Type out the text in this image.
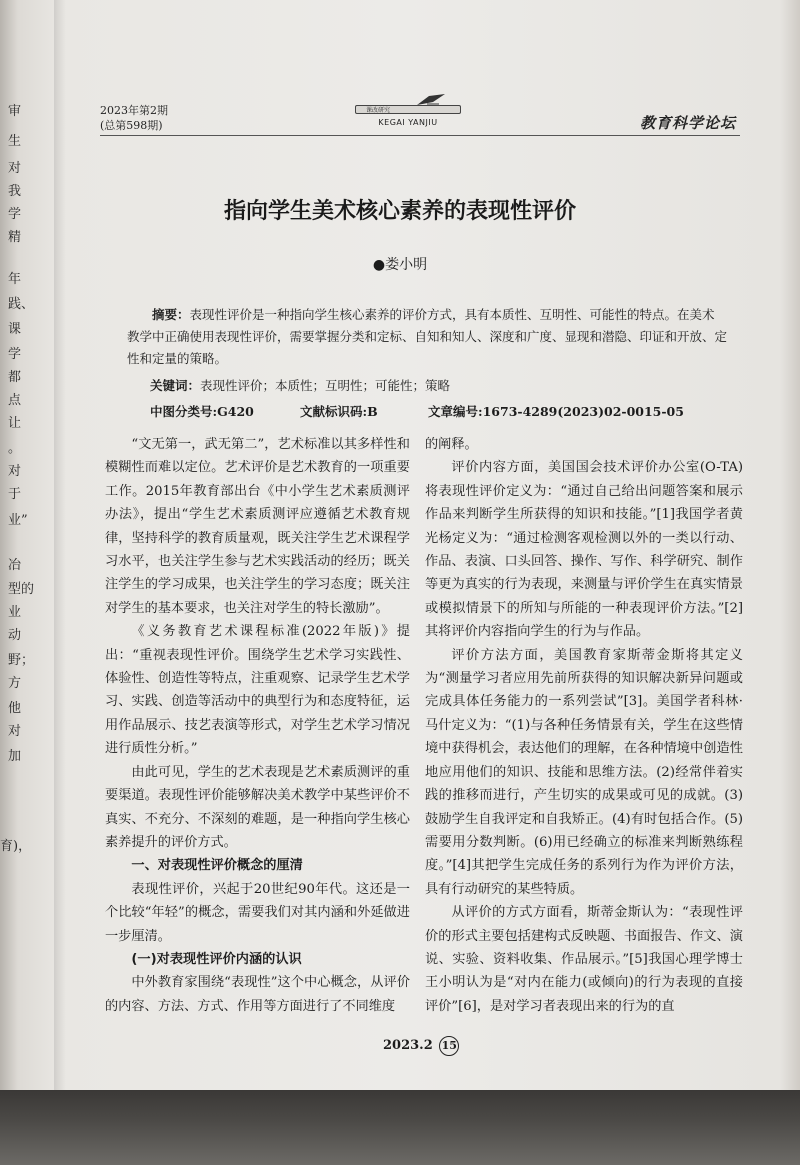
审
生
对
我
学
精
年
践、
课
学
都
点
让
。
对
于
业”
冶
型的
业
动
野；
方
他
对
加
育)，
2023年第2期
(总第598期)
课改研究
KEGAI YANJIU	教育科学论坛
指向学生美术核心素养的表现性评价
●娄小明

摘要：表现性评价是一种指向学生核心素养的评价方式，具有本质性、互明性、可能性的特点。在美术教学中正确使用表现性评价，需要掌握分类和定标、自知和知人、深度和广度、显现和潜隐、印证和开放、定性和定量的策略。

关键词：表现性评价；本质性；互明性；可能性；策略
中图分类号:G420	文献标识码:B	文章编号:1673-4289(2023)02-0015-05

“文无第一，武无第二”，艺术标准以其多样性和模糊性而难以定位。艺术评价是艺术教育的一项重要工作。2015年教育部出台《中小学生艺术素质测评办法》，提出“学生艺术素质测评应遵循艺术教育规律，坚持科学的教育质量观，既关注学生艺术课程学习水平，也关注学生参与艺术实践活动的经历；既关注学生的学习成果，也关注学生的学习态度；既关注对学生的基本要求，也关注对学生的特长激励”。

《义务教育艺术课程标准(2022年版)》提出：“重视表现性评价。围绕学生艺术学习实践性、体验性、创造性等特点，注重观察、记录学生艺术学习、实践、创造等活动中的典型行为和态度特征，运用作品展示、技艺表演等形式，对学生艺术学习情况进行质性分析。”

由此可见，学生的艺术表现是艺术素质测评的重要渠道。表现性评价能够解决美术教学中某些评价不真实、不充分、不深刻的难题，是一种指向学生核心素养提升的评价方式。

一、对表现性评价概念的厘清

表现性评价，兴起于20世纪90年代。这还是一个比较“年轻”的概念，需要我们对其内涵和外延做进一步厘清。

(一)对表现性评价内涵的认识

中外教育家围绕“表现性”这个中心概念，从评价的内容、方法、方式、作用等方面进行了不同维度

的阐释。

评价内容方面，美国国会技术评价办公室(O-TA)将表现性评价定义为：“通过自己给出问题答案和展示作品来判断学生所获得的知识和技能。”[1]我国学者黄光杨定义为：“通过检测客观检测以外的一类以行动、作品、表演、口头回答、操作、写作、科学研究、制作等更为真实的行为表现，来测量与评价学生在真实情景或模拟情景下的所知与所能的一种表现评价方法。”[2]其将评价内容指向学生的行为与作品。

评价方法方面，美国教育家斯蒂金斯将其定义为“测量学习者应用先前所获得的知识解决新异问题或完成具体任务能力的一系列尝试”[3]。美国学者科林·马什定义为：“(1)与各种任务情景有关，学生在这些情境中获得机会，表达他们的理解，在各种情境中创造性地应用他们的知识、技能和思维方法。(2)经常伴着实践的推移而进行，产生切实的成果或可见的成就。(3)鼓励学生自我评定和自我矫正。(4)有时包括合作。(5)需要用分数判断。(6)用已经确立的标准来判断熟练程度。”[4]其把学生完成任务的系列行为作为评价方法，具有行动研究的某些特质。

从评价的方式方面看，斯蒂金斯认为：“表现性评价的形式主要包括建构式反映题、书面报告、作文、演说、实验、资料收集、作品展示。”[5]我国心理学博士王小明认为是“对内在能力(或倾向)的行为表现的直接评价”[6]，是对学习者表现出来的行为的直

2023.2 15
